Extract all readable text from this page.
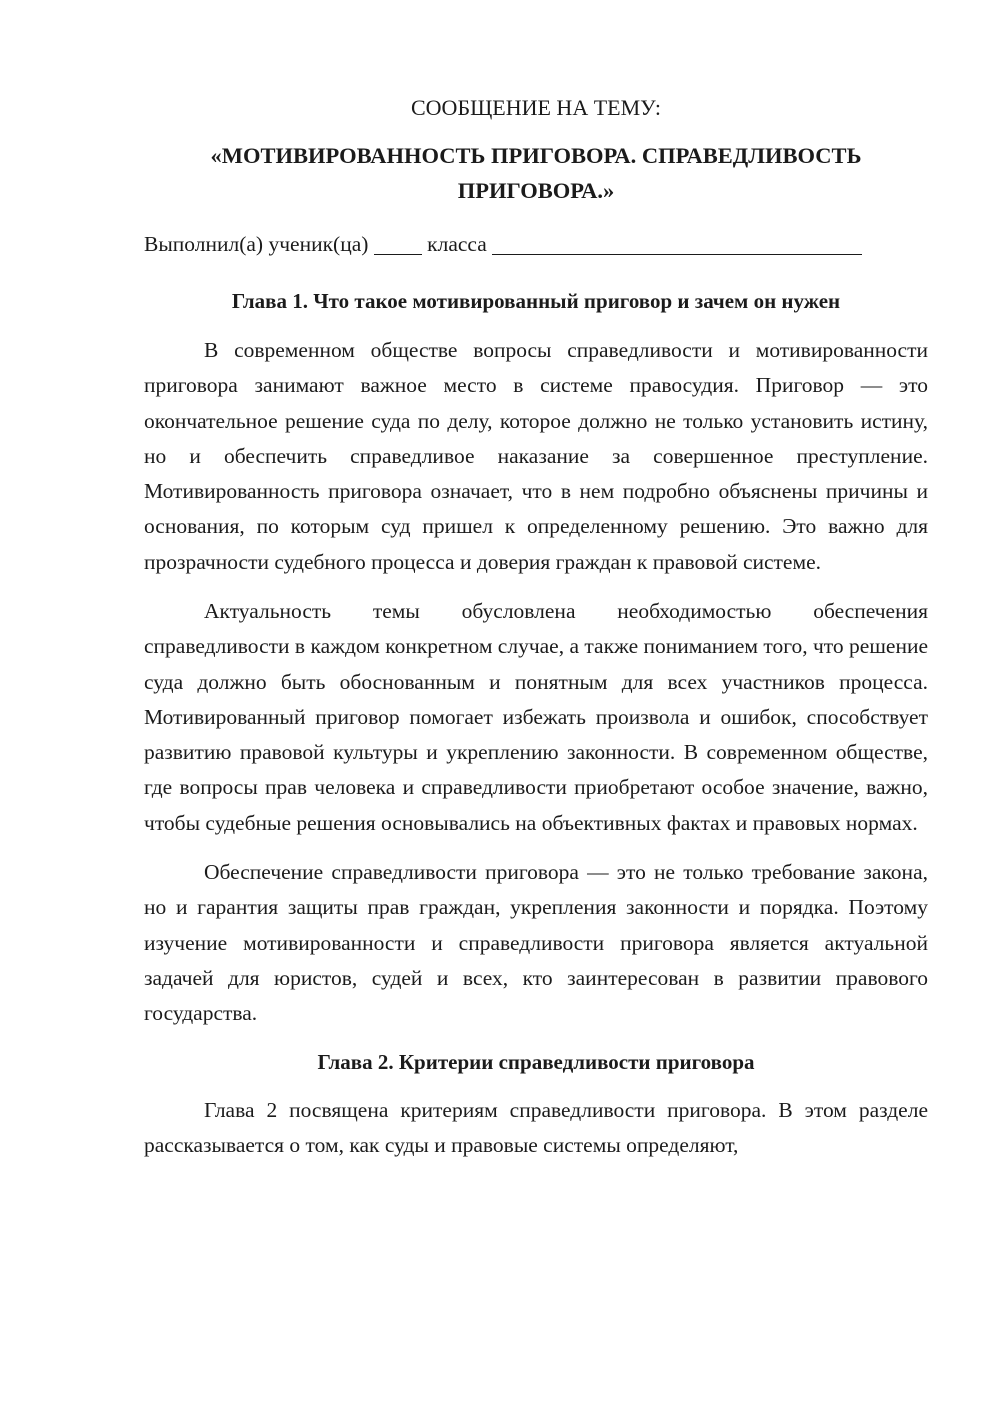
СООБЩЕНИЕ НА ТЕМУ:
«МОТИВИРОВАННОСТЬ ПРИГОВОРА. СПРАВЕДЛИВОСТЬ ПРИГОВОРА.»
Выполнил(а) ученик(ца)	класса
Глава 1. Что такое мотивированный приговор и зачем он нужен

В современном обществе вопросы справедливости и мотивированности приговора занимают важное место в системе правосудия. Приговор — это окончательное решение суда по делу, которое должно не только установить истину, но и обеспечить справедливое наказание за совершенное преступление. Мотивированность приговора означает, что в нем подробно объяснены причины и основания, по которым суд пришел к определенному решению. Это важно для прозрачности судебного процесса и доверия граждан к правовой системе.

Актуальность темы обусловлена необходимостью обеспечения справедливости в каждом конкретном случае, а также пониманием того, что решение суда должно быть обоснованным и понятным для всех участников процесса. Мотивированный приговор помогает избежать произвола и ошибок, способствует развитию правовой культуры и укреплению законности. В современном обществе, где вопросы прав человека и справедливости приобретают особое значение, важно, чтобы судебные решения основывались на объективных фактах и правовых нормах.

Обеспечение справедливости приговора — это не только требование закона, но и гарантия защиты прав граждан, укрепления законности и порядка. Поэтому изучение мотивированности и справедливости приговора является актуальной задачей для юристов, судей и всех, кто заинтересован в развитии правового государства.

Глава 2. Критерии справедливости приговора

Глава 2 посвящена критериям справедливости приговора. В этом разделе рассказывается о том, как суды и правовые системы определяют,
